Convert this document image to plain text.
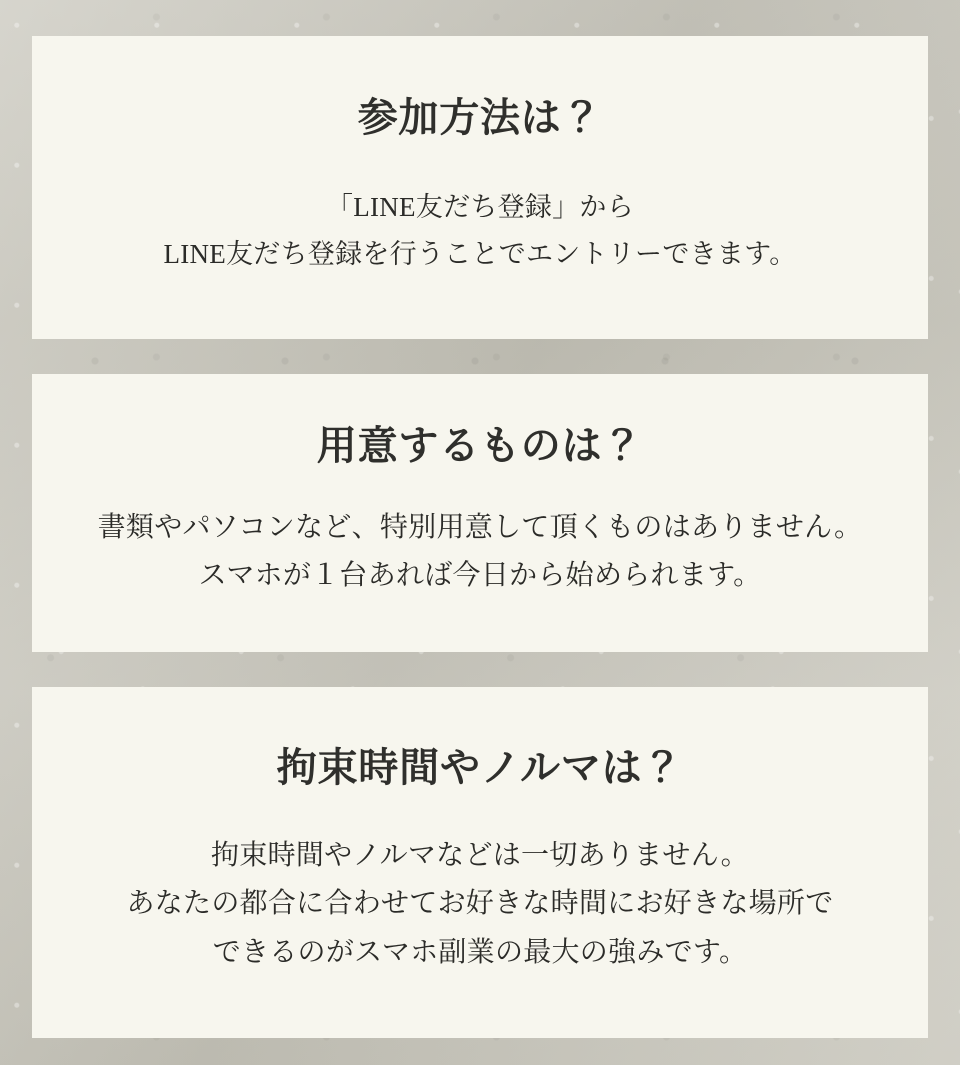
参加方法は？
「LINE友だち登録」から
LINE友だち登録を行うことでエントリーできます。
用意するものは？
書類やパソコンなど、特別用意して頂くものはありません。
スマホが１台あれば今日から始められます。
拘束時間やノルマは？
拘束時間やノルマなどは一切ありません。
あなたの都合に合わせてお好きな時間にお好きな場所で
できるのがスマホ副業の最大の強みです。
